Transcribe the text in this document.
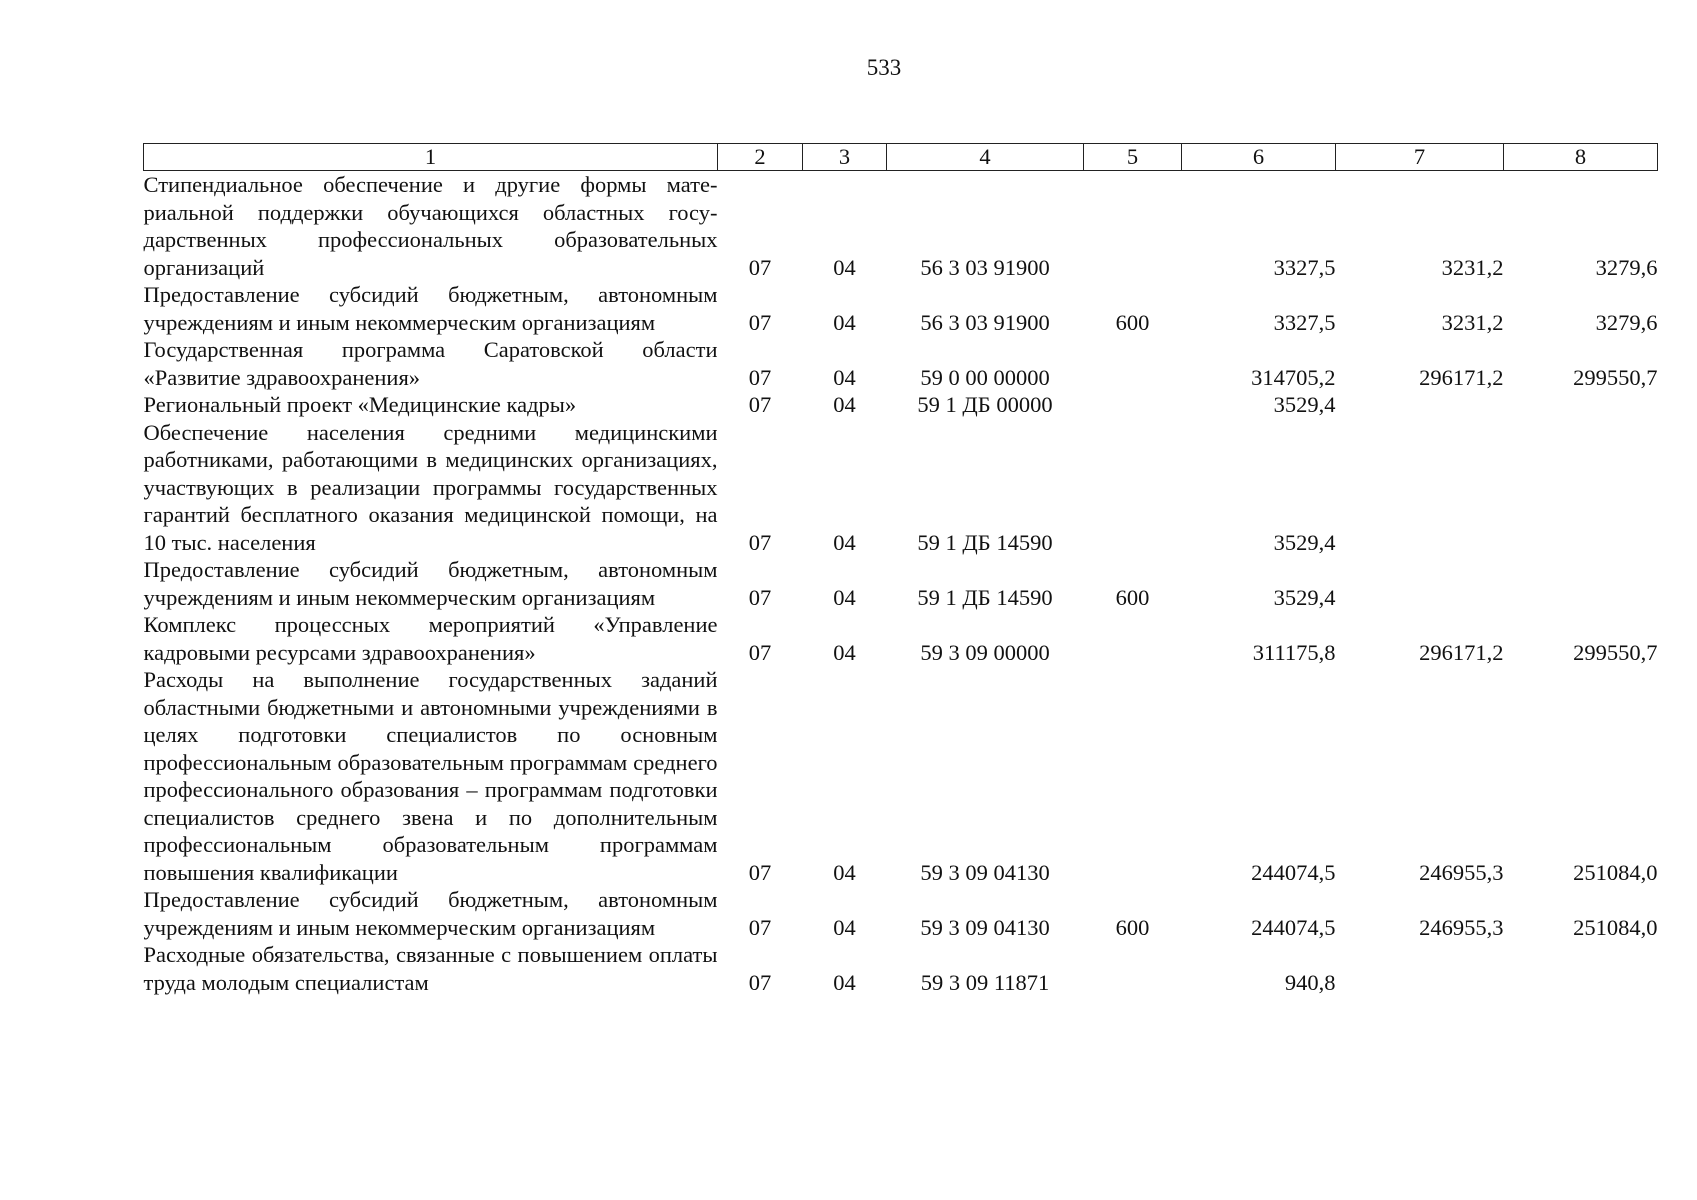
533
1	2	3	4	5	6	7	8
Стипендиальное обеспечение и другие формы материальной поддержки обучающихся областных государственных профессиональных образовательных организаций	07	04	56 3 03 91900		3327,5	3231,2	3279,6
Предоставление субсидий бюджетным, автономным учреждениям и иным некоммерческим организациям	07	04	56 3 03 91900	600	3327,5	3231,2	3279,6
Государственная программа Саратовской области «Развитие здравоохранения»	07	04	59 0 00 00000		314705,2	296171,2	299550,7
Региональный проект «Медицинские кадры»	07	04	59 1 ДБ 00000		3529,4		
Обеспечение населения средними медицинскими работниками, работающими в медицинских организациях, участвующих в реализации программы государственных гарантий бесплатного оказания медицинской помощи, на 10 тыс. населения	07	04	59 1 ДБ 14590		3529,4		
Предоставление субсидий бюджетным, автономным учреждениям и иным некоммерческим организациям	07	04	59 1 ДБ 14590	600	3529,4		
Комплекс процессных мероприятий «Управление кадровыми ресурсами здравоохранения»	07	04	59 3 09 00000		311175,8	296171,2	299550,7
Расходы на выполнение государственных заданий областными бюджетными и автономными учреждениями в целях подготовки специалистов по основным профессиональным образовательным программам среднего профессионального образования – программам подготовки специалистов среднего звена и по дополнительным профессиональным образовательным программам повышения квалификации	07	04	59 3 09 04130		244074,5	246955,3	251084,0
Предоставление субсидий бюджетным, автономным учреждениям и иным некоммерческим организациям	07	04	59 3 09 04130	600	244074,5	246955,3	251084,0
Расходные обязательства, связанные с повышением оплаты труда молодым специалистам	07	04	59 3 09 11871		940,8		
